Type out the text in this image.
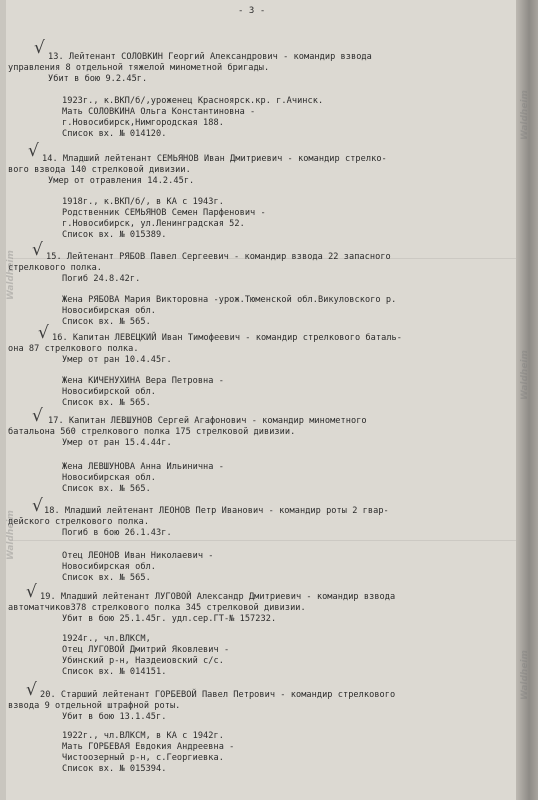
- 3 -
√ 13. Лейтенант СОЛОВКИН Георгий Александрович - командир взвода
управления 8 отдельной тяжелой минометной бригады.
Убит в бою 9.2.45г.
1923г., к.ВКП/б/,уроженец Красноярск.кр. г.Ачинск.
Мать СОЛОВКИНА Ольга Константиновна -
г.Новосибирск,Нимгородская 188.
Список вх. № 014120.
√ 14. Младший лейтенант СЕМЬЯНОВ Иван Дмитриевич - командир стрелко-
вого взвода 140 стрелковой дивизии.
Умер от отравления 14.2.45г.
1918г., к.ВКП/б/, в КА с 1943г.
Родственник СЕМЬЯНОВ Семен Парфенович -
г.Новосибирск, ул.Ленинградская 52.
Список вх. № 015389.
√ 15. Лейтенант РЯБОВ Павел Сергеевич - командир взвода 22 запасного
стрелкового полка.
Погиб 24.8.42г.
Жена РЯБОВА Мария Викторовна -урож.Тюменской обл.Викуловского р.
Новосибирская обл.
Список вх. № 565.
√ 16. Капитан ЛЕВЕЦКИЙ Иван Тимофеевич - командир стрелкового баталь-
она 87 стрелкового полка.
Умер от ран 10.4.45г.
Жена КИЧЕНУХИНА Вера Петровна -
Новосибирской обл.
Список вх. № 565.
√ 17. Капитан ЛЕВШУНОВ Сергей Агафонович - командир минометного
батальона 560 стрелкового полка 175 стрелковой дивизии.
Умер от ран 15.4.44г.
Жена ЛЕВШУНОВА Анна Ильинична -
Новосибирская обл.
Список вх. № 565.
√ 18. Младший лейтенант ЛЕОНОВ Петр Иванович - командир роты 2 гвар-
дейского стрелкового полка.
Погиб в бою 26.1.43г.
Отец ЛЕОНОВ Иван Николаевич -
Новосибирская обл.
Список вх. № 565.
√ 19. Младший лейтенант ЛУГОВОЙ Александр Дмитриевич - командир взвода
автоматчиков378 стрелкового полка 345 стрелковой дивизии.
Убит в бою 25.1.45г. удл.сер.ГТ-№ 157232.
1924г., чл.ВЛКСМ,
Отец ЛУГОВОЙ Дмитрий Яковлевич -
Убинский р-н, Наздеиовский с/с.
Список вх. № 014151.
√ 20. Старший лейтенант ГОРБЕВОЙ Павел Петрович - командир стрелкового
взвода 9 отдельной штрафной роты.
Убит в бою 13.1.45г.
1922г., чл.ВЛКСМ, в КА с 1942г.
Мать ГОРБЕВАЯ Евдокия Андреевна -
Чистоозерный р-н, с.Георгиевка.
Список вх. № 015394.
Waldheim
Waldheim
Waldheim
Waldheim
Waldheim
